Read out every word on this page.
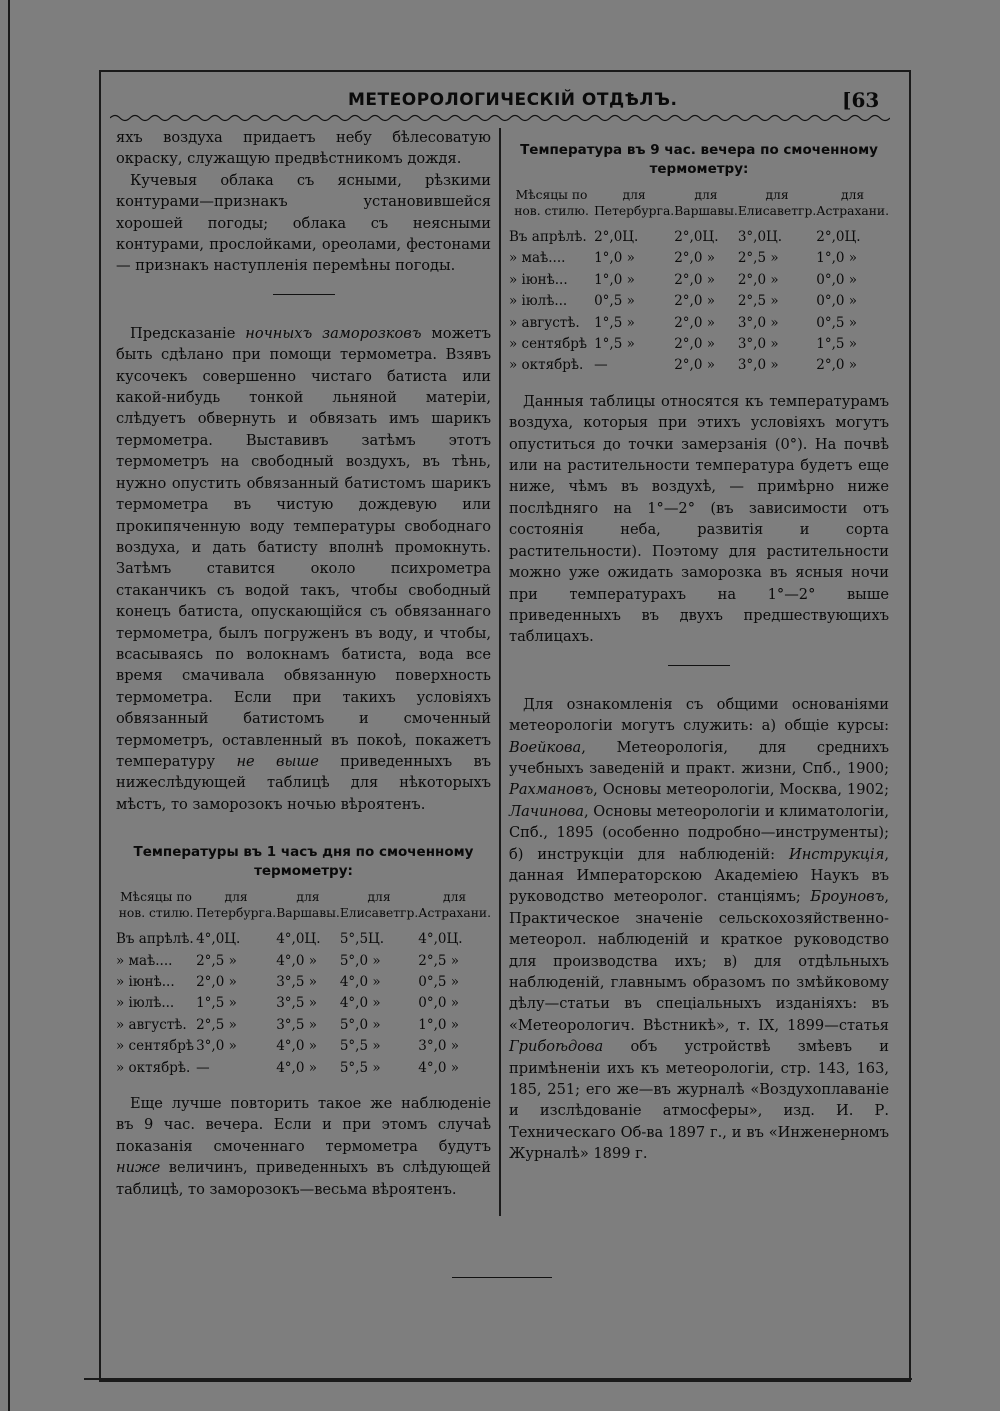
МЕТЕОРОЛОГИЧЕСКIЙ ОТДѢЛЪ.	[63

яхъ воздуха придаетъ небу бѣлесоватую окраску, служащую предвѣстникомъ дождя.

Кучевыя облака съ ясными, рѣзкими контурами—признакъ установившейся хорошей погоды; облака съ неясными контурами, прослойками, ореолами, фестонами — признакъ наступленiя перемѣны погоды.

Предсказанiе ночныхъ заморозковъ можетъ быть сдѣлано при помощи термометра. Взявъ кусочекъ совершенно чистаго батиста или какой-нибудь тонкой льняной матерiи, слѣдуетъ обвернуть и обвязать имъ шарикъ термометра. Выставивъ затѣмъ этотъ термометръ на свободный воздухъ, въ тѣнь, нужно опустить обвязанный батистомъ шарикъ термометра въ чистую дождевую или прокипяченную воду температуры свободнаго воздуха, и дать батисту вполнѣ промокнуть. Затѣмъ ставится около психрометра стаканчикъ съ водой такъ, чтобы свободный конецъ батиста, опускающiйся съ обвязаннаго термометра, былъ погруженъ въ воду, и чтобы, всасываясь по волокнамъ батиста, вода все время смачивала обвязанную поверхность термометра. Если при такихъ условiяхъ обвязанный батистомъ и смоченный термометръ, оставленный въ покоѣ, покажетъ температуру не выше приведенныхъ въ нижеслѣдующей таблицѣ для нѣкоторыхъ мѣстъ, то заморозокъ ночью вѣроятенъ.

Температуры въ 1 часъ дня по смоченному термометру:
Мѣсяцы по нов. стилю.	для Петербурга.	для Варшавы.	для Елисаветгр.	для Астрахани.
Въ апрѣлѣ.	4°,0Ц.	4°,0Ц.	5°,5Ц.	4°,0Ц.
» маѣ....	2°,5 »	4°,0 »	5°,0 »	2°,5 »
» iюнѣ...	2°,0 »	3°,5 »	4°,0 »	0°,5 »
» iюлѣ...	1°,5 »	3°,5 »	4°,0 »	0°,0 »
» августѣ.	2°,5 »	3°,5 »	5°,0 »	1°,0 »
» сентябрѣ	3°,0 »	4°,0 »	5°,5 »	3°,0 »
» октябрѣ.	—	4°,0 »	5°,5 »	4°,0 »

Еще лучше повторить такое же наблюденiе въ 9 час. вечера. Если и при этомъ случаѣ показанiя смоченнаго термометра будутъ ниже величинъ, приведенныхъ въ слѣдующей таблицѣ, то заморозокъ—весьма вѣроятенъ.

Температура въ 9 час. вечера по смоченному термометру:
Мѣсяцы по нов. стилю.	для Петербурга.	для Варшавы.	для Елисаветгр.	для Астрахани.
Въ апрѣлѣ.	2°,0Ц.	2°,0Ц.	3°,0Ц.	2°,0Ц.
» маѣ....	1°,0 »	2°,0 »	2°,5 »	1°,0 »
» iюнѣ...	1°,0 »	2°,0 »	2°,0 »	0°,0 »
» iюлѣ...	0°,5 »	2°,0 »	2°,5 »	0°,0 »
» августѣ.	1°,5 »	2°,0 »	3°,0 »	0°,5 »
» сентябрѣ	1°,5 »	2°,0 »	3°,0 »	1°,5 »
» октябрѣ.	—	2°,0 »	3°,0 »	2°,0 »

Данныя таблицы относятся къ температурамъ воздуха, которыя при этихъ условiяхъ могутъ опуститься до точки замерзанiя (0°). На почвѣ или на растительности температура будетъ еще ниже, чѣмъ въ воздухѣ, — примѣрно ниже послѣдняго на 1°—2° (въ зависимости отъ состоянiя неба, развитiя и сорта растительности). Поэтому для растительности можно уже ожидать заморозка въ ясныя ночи при температурахъ на 1°—2° выше приведенныхъ въ двухъ предшествующихъ таблицахъ.

Для ознакомленiя съ общими основанiями метеорологiи могутъ служить: а) общiе курсы: Воейкова, Метеорологiя, для среднихъ учебныхъ заведенiй и практ. жизни, Спб., 1900; Рахмановъ, Основы метеорологiи, Москва, 1902; Лачинова, Основы метеорологiи и климатологiи, Спб., 1895 (особенно подробно—инструменты); б) инструкцiи для наблюденiй: Инструкцiя, данная Императорскою Академiею Наукъ въ руководство метеоролог. станцiямъ; Броуновъ, Практическое значенiе сельскохозяйственно-метеорол. наблюденiй и краткое руководство для производства ихъ; в) для отдѣльныхъ наблюденiй, главнымъ образомъ по змѣйковому дѣлу—статьи въ спецiальныхъ изданiяхъ: въ «Метеорологич. Вѣстникѣ», т. IX, 1899—статья Грибоѣдова объ устройствѣ змѣевъ и примѣненiи ихъ къ метеорологiи, стр. 143, 163, 185, 251; его же—въ журналѣ «Воздухоплаванiе и изслѣдованiе атмосферы», изд. И. Р. Техническаго Об-ва 1897 г., и въ «Инженерномъ Журналѣ» 1899 г.
